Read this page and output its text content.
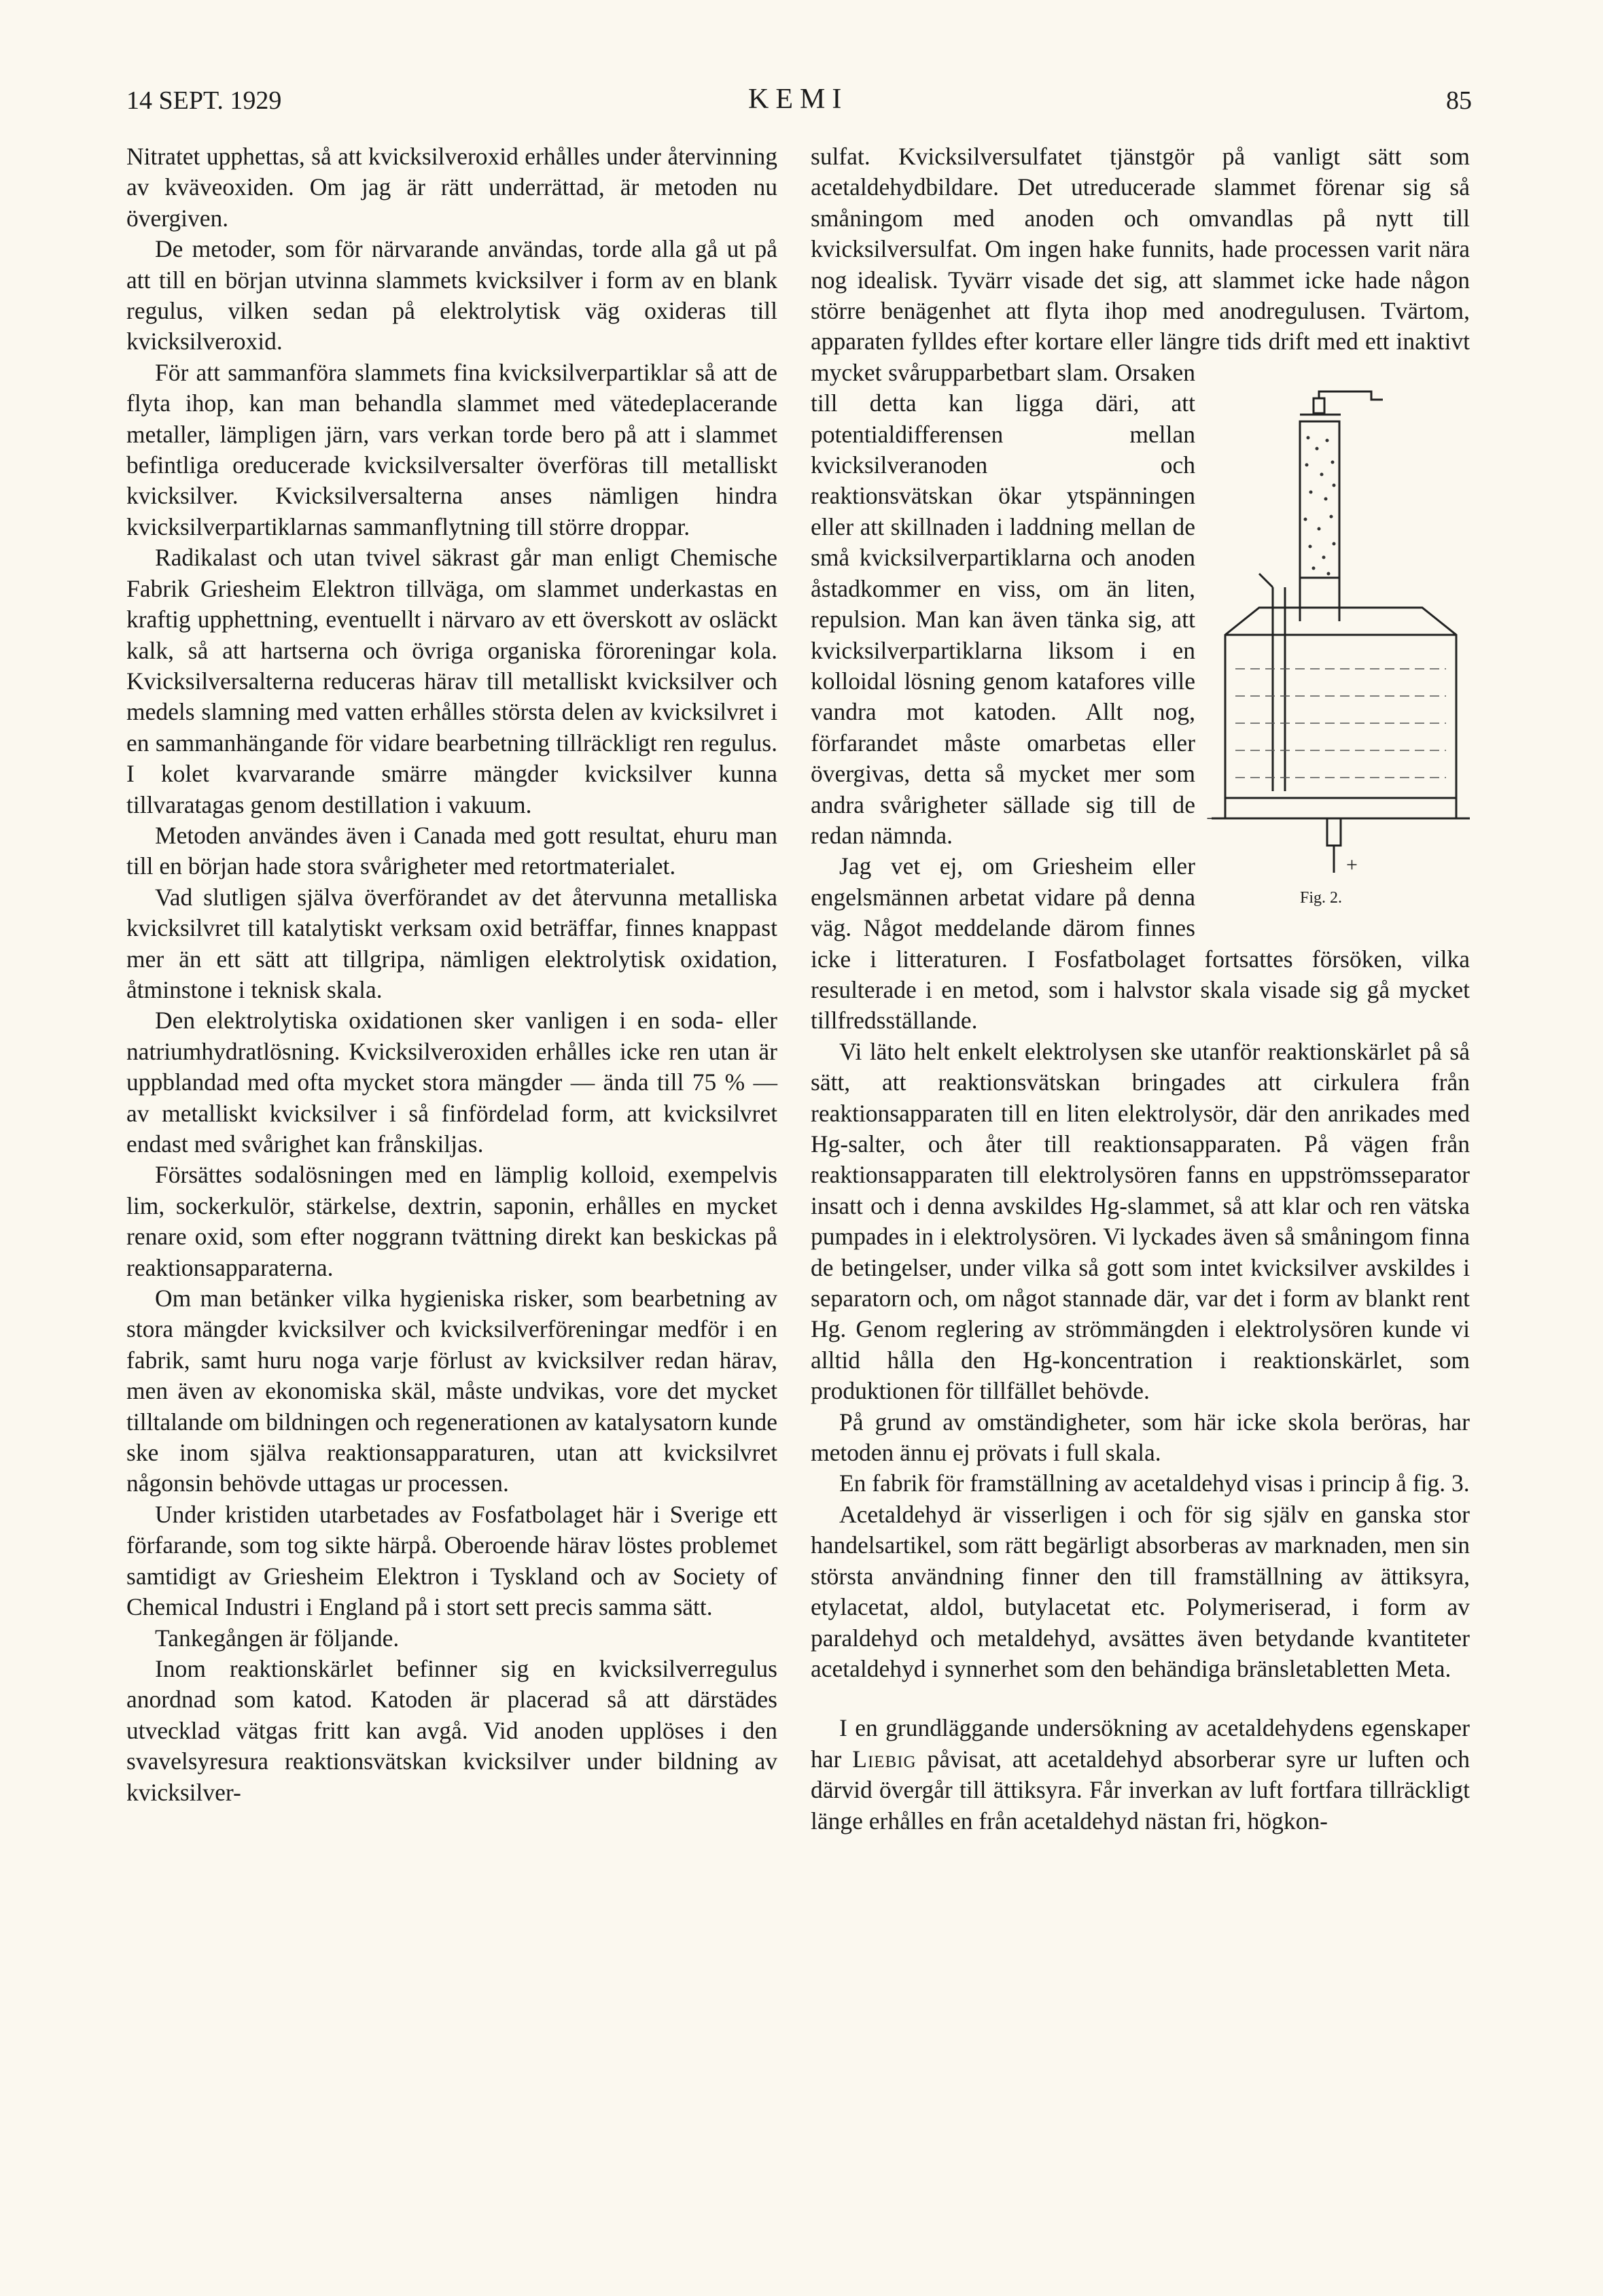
14 SEPT. 1929	KEMI	85

Nitratet upphettas, så att kvicksilveroxid erhålles under återvinning av kväveoxiden. Om jag är rätt underrättad, är metoden nu övergiven.

De metoder, som för närvarande användas, torde alla gå ut på att till en början utvinna slammets kvicksilver i form av en blank regulus, vilken sedan på elektrolytisk väg oxideras till kvicksilveroxid.

För att sammanföra slammets fina kvicksilverpartiklar så att de flyta ihop, kan man behandla slammet med vätedeplacerande metaller, lämpligen järn, vars verkan torde bero på att i slammet befintliga oreducerade kvicksilversalter överföras till metalliskt kvicksilver. Kvicksilversalterna anses nämligen hindra kvicksilverpartiklarnas sammanflytning till större droppar.

Radikalast och utan tvivel säkrast går man enligt Chemische Fabrik Griesheim Elektron tillväga, om slammet underkastas en kraftig upphettning, eventuellt i närvaro av ett överskott av osläckt kalk, så att hartserna och övriga organiska föroreningar kola. Kvicksilversalterna reduceras härav till metalliskt kvicksilver och medels slamning med vatten erhålles största delen av kvicksilvret i en sammanhängande för vidare bearbetning tillräckligt ren regulus. I kolet kvarvarande smärre mängder kvicksilver kunna tillvaratagas genom destillation i vakuum.

Metoden användes även i Canada med gott resultat, ehuru man till en början hade stora svårigheter med retortmaterialet.

Vad slutligen själva överförandet av det återvunna metalliska kvicksilvret till katalytiskt verksam oxid beträffar, finnes knappast mer än ett sätt att tillgripa, nämligen elektrolytisk oxidation, åtminstone i teknisk skala.

Den elektrolytiska oxidationen sker vanligen i en soda- eller natriumhydratlösning. Kvicksilveroxiden erhålles icke ren utan är uppblandad med ofta mycket stora mängder — ända till 75 % — av metalliskt kvicksilver i så finfördelad form, att kvicksilvret endast med svårighet kan frånskiljas.

Försättes sodalösningen med en lämplig kolloid, exempelvis lim, sockerkulör, stärkelse, dextrin, saponin, erhålles en mycket renare oxid, som efter noggrann tvättning direkt kan beskickas på reaktionsapparaterna.

Om man betänker vilka hygieniska risker, som bearbetning av stora mängder kvicksilver och kvicksilverföreningar medför i en fabrik, samt huru noga varje förlust av kvicksilver redan härav, men även av ekonomiska skäl, måste undvikas, vore det mycket tilltalande om bildningen och regenerationen av katalysatorn kunde ske inom själva reaktionsapparaturen, utan att kvicksilvret någonsin behövde uttagas ur processen.

Under kristiden utarbetades av Fosfatbolaget här i Sverige ett förfarande, som tog sikte härpå. Oberoende härav löstes problemet samtidigt av Griesheim Elektron i Tyskland och av Society of Chemical Industri i England på i stort sett precis samma sätt.

Tankegången är följande.

Inom reaktionskärlet befinner sig en kvicksilverregulus anordnad som katod. Katoden är placerad så att därstädes utvecklad vätgas fritt kan avgå. Vid anoden upplöses i den svavelsyresura reaktionsvätskan kvicksilver under bildning av kvicksilver-

−
+
Fig. 2.

sulfat. Kvicksilversulfatet tjänstgör på vanligt sätt som acetaldehydbildare. Det utreducerade slammet förenar sig så småningom med anoden och omvandlas på nytt till kvicksilversulfat. Om ingen hake funnits, hade processen varit nära nog idealisk. Tyvärr visade det sig, att slammet icke hade någon större benägenhet att flyta ihop med anodregulusen. Tvärtom, apparaten fylldes efter kortare eller längre tids drift med ett inaktivt mycket svårupparbetbart slam. Orsaken till detta kan ligga däri, att potentialdifferensen mellan kvicksilveranoden och reaktionsvätskan ökar ytspänningen eller att skillnaden i laddning mellan de små kvicksilverpartiklarna och anoden åstadkommer en viss, om än liten, repulsion. Man kan även tänka sig, att kvicksilverpartiklarna liksom i en kolloidal lösning genom katafores ville vandra mot katoden. Allt nog, förfarandet måste omarbetas eller övergivas, detta så mycket mer som andra svårigheter sällade sig till de redan nämnda.

Jag vet ej, om Griesheim eller engelsmännen arbetat vidare på denna väg. Något meddelande därom finnes icke i litteraturen. I Fosfatbolaget fortsattes försöken, vilka resulterade i en metod, som i halvstor skala visade sig gå mycket tillfredsställande.

Vi läto helt enkelt elektrolysen ske utanför reaktionskärlet på så sätt, att reaktionsvätskan bringades att cirkulera från reaktionsapparaten till en liten elektrolysör, där den anrikades med Hg-salter, och åter till reaktionsapparaten. På vägen från reaktionsapparaten till elektrolysören fanns en uppströmsseparator insatt och i denna avskildes Hg-slammet, så att klar och ren vätska pumpades in i elektrolysören. Vi lyckades även så småningom finna de betingelser, under vilka så gott som intet kvicksilver avskildes i separatorn och, om något stannade där, var det i form av blankt rent Hg. Genom reglering av strömmängden i elektrolysören kunde vi alltid hålla den Hg-koncentration i reaktionskärlet, som produktionen för tillfället behövde.

På grund av omständigheter, som här icke skola beröras, har metoden ännu ej prövats i full skala.

En fabrik för framställning av acetaldehyd visas i princip å fig. 3.

Acetaldehyd är visserligen i och för sig själv en ganska stor handelsartikel, som rätt begärligt absorberas av marknaden, men sin största användning finner den till framställning av ättiksyra, etylacetat, aldol, butylacetat etc. Polymeriserad, i form av paraldehyd och metaldehyd, avsättes även betydande kvantiteter acetaldehyd i synnerhet som den behändiga bränsletabletten Meta.

I en grundläggande undersökning av acetaldehydens egenskaper har Liebig påvisat, att acetaldehyd absorberar syre ur luften och därvid övergår till ättiksyra. Får inverkan av luft fortfara tillräckligt länge erhålles en från acetaldehyd nästan fri, högkon-
